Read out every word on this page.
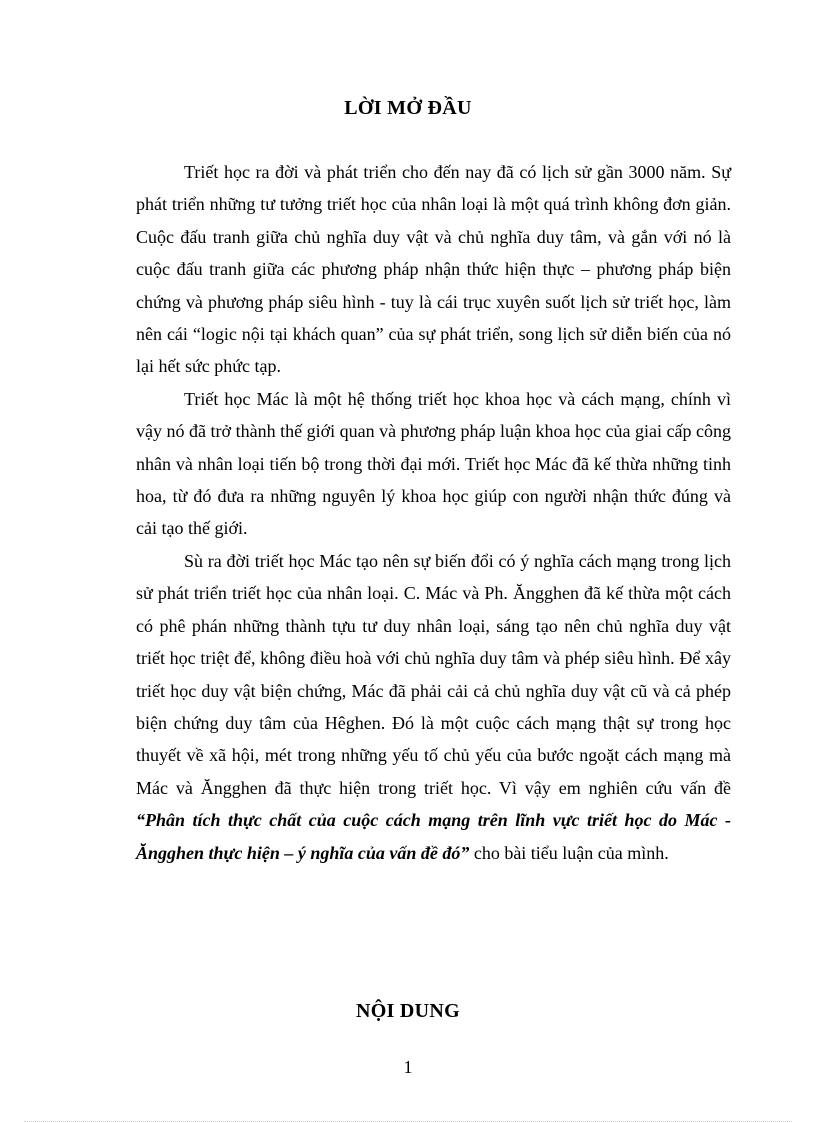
LỜI MỞ ĐẦU

Triết học ra đời và phát triển cho đến nay đã có lịch sử gần 3000 năm. Sự phát triển những tư tưởng triết học của nhân loại là một quá trình không đơn giản. Cuộc đấu tranh giữa chủ nghĩa duy vật và chủ nghĩa duy tâm, và gắn với nó là cuộc đấu tranh giữa các phương pháp nhận thức hiện thực – phương pháp biện chứng và phương pháp siêu hình - tuy là cái trục xuyên suốt lịch sử triết học, làm nên cái “logic nội tại khách quan” của sự phát triển, song lịch sử diễn biến của nó lại hết sức phức tạp.

Triết học Mác là một hệ thống triết học khoa học và cách mạng, chính vì vậy nó đã trở thành thế giới quan và phương pháp luận khoa học của giai cấp công nhân và nhân loại tiến bộ trong thời đại mới. Triết học Mác đã kế thừa những tinh hoa, từ đó đưa ra những nguyên lý khoa học giúp con người nhận thức đúng và cải tạo thế giới.

Sù ra đời triết học Mác tạo nên sự biến đổi có ý nghĩa cách mạng trong lịch sử phát triển triết học của nhân loại. C. Mác và Ph. Ăngghen đã kế thừa một cách có phê phán những thành tựu tư duy nhân loại, sáng tạo nên chủ nghĩa duy vật triết học triệt để, không điều hoà với chủ nghĩa duy tâm và phép siêu hình. Để xây triết học duy vật biện chứng, Mác đã phải cải cả chủ nghĩa duy vật cũ và cả phép biện chứng duy tâm của Hêghen. Đó là một cuộc cách mạng thật sự trong học thuyết về xã hội, mét trong những yếu tố chủ yếu của bước ngoặt cách mạng mà Mác và Ăngghen đã thực hiện trong triết học. Vì vậy em nghiên cứu vấn đề “Phân tích thực chất của cuộc cách mạng trên lĩnh vực triết học do Mác - Ăngghen thực hiện – ý nghĩa của vấn đề đó” cho bài tiểu luận của mình.

NỘI DUNG
1
